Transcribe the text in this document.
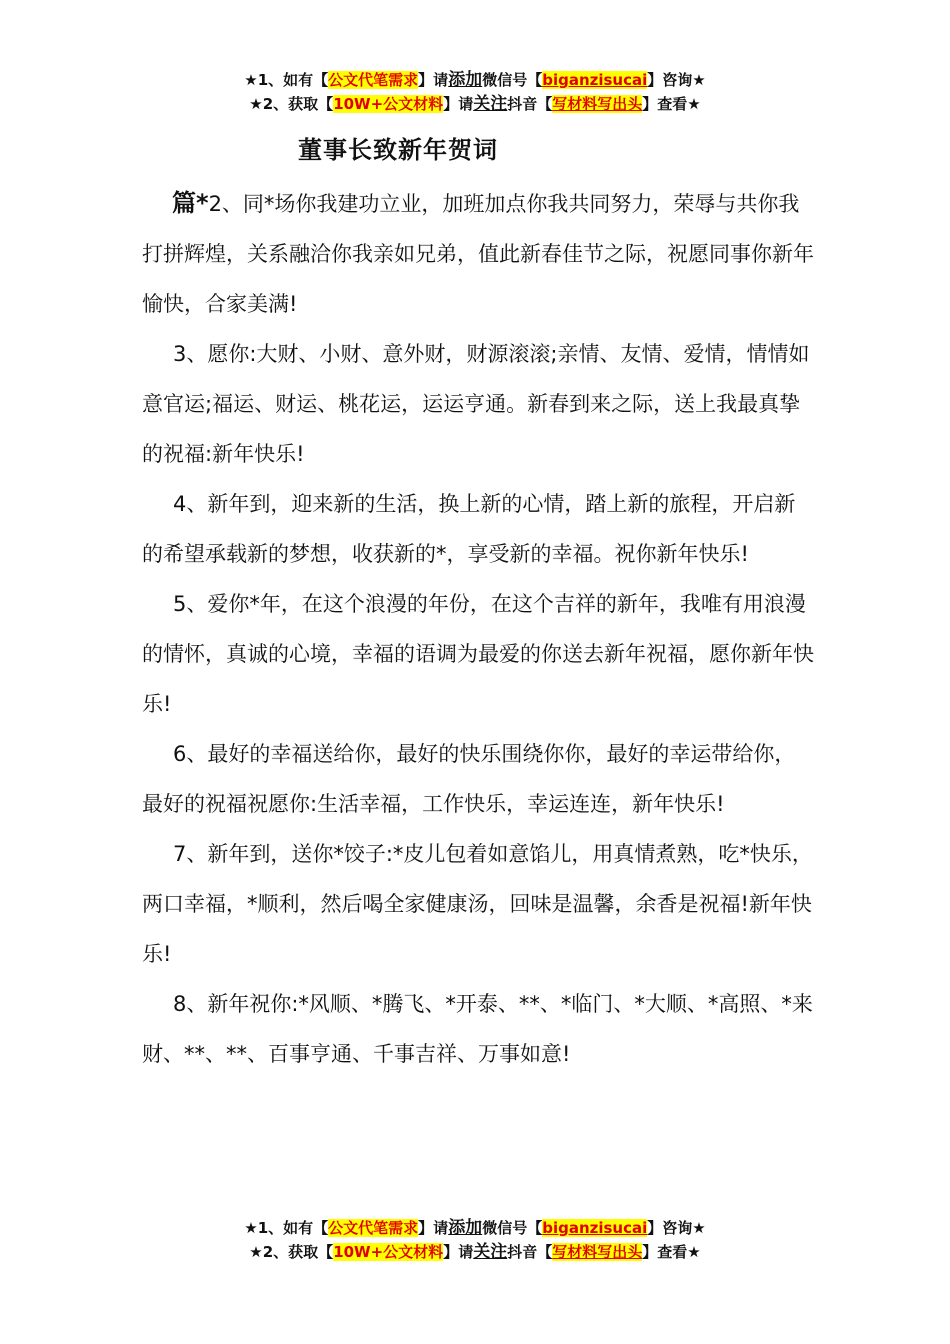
★1、如有【公文代笔需求】请添加微信号【biganzisucai】咨询★
★2、获取【10W+公文材料】请关注抖音【写材料写出头】查看★
董事长致新年贺词

篇*2、同*场你我建功立业，加班加点你我共同努力，荣辱与共你我打拼辉煌，关系融洽你我亲如兄弟，值此新春佳节之际，祝愿同事你新年愉快，合家美满!

3、愿你:大财、小财、意外财，财源滚滚;亲情、友情、爱情，情情如意官运;福运、财运、桃花运，运运亨通。新春到来之际，送上我最真挚的祝福:新年快乐!

4、新年到，迎来新的生活，换上新的心情，踏上新的旅程，开启新的希望承载新的梦想，收获新的*，享受新的幸福。祝你新年快乐!

5、爱你*年，在这个浪漫的年份，在这个吉祥的新年，我唯有用浪漫的情怀，真诚的心境，幸福的语调为最爱的你送去新年祝福，愿你新年快乐!

6、最好的幸福送给你，最好的快乐围绕你你，最好的幸运带给你，最好的祝福祝愿你:生活幸福，工作快乐，幸运连连，新年快乐!

7、新年到，送你*饺子:*皮儿包着如意馅儿，用真情煮熟，吃*快乐，两口幸福，*顺利，然后喝全家健康汤，回味是温馨，余香是祝福!新年快乐!

8、新年祝你:*风顺、*腾飞、*开泰、**、*临门、*大顺、*高照、*来财、**、**、百事亨通、千事吉祥、万事如意!

★1、如有【公文代笔需求】请添加微信号【biganzisucai】咨询★
★2、获取【10W+公文材料】请关注抖音【写材料写出头】查看★
